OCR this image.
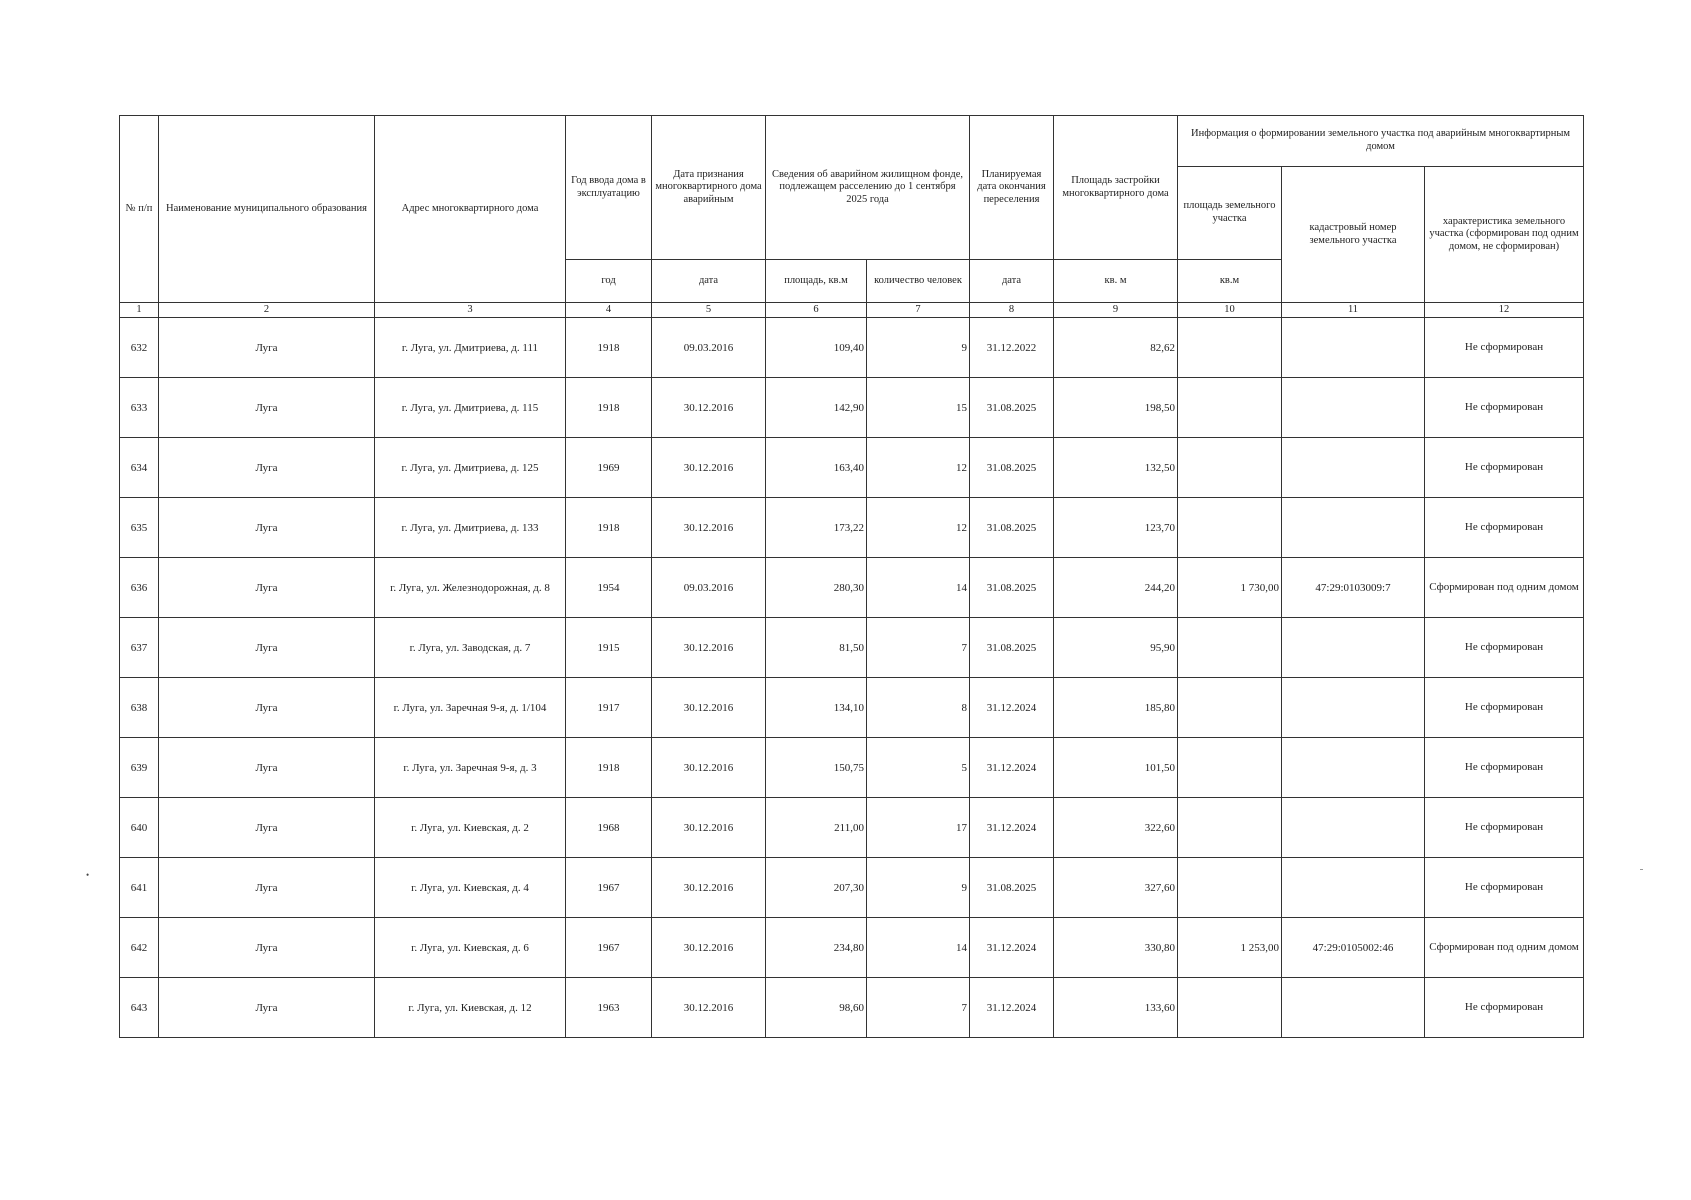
№ п/п	Наименование муниципального образования	Адрес многоквартирного дома	Год ввода дома в эксплуатацию	Дата признания многоквартирного дома аварийным	Сведения об аварийном жилищном фонде, подлежащем расселению до 1 сентября 2025 года		Планируемая дата окончания переселения	Площадь застройки многоквартирного дома	Информация о формировании земельного участка под аварийным многоквартирным домом		
									площадь земельного участка	кадастровый номер земельного участка	характеристика земельного участка (сформирован под одним домом, не сформирован)
			год	дата	площадь, кв.м	количество человек	дата	кв. м	кв.м		
1	2	3	4	5	6	7	8	9	10	11	12
632	Луга	г. Луга, ул. Дмитриева, д. 111	1918	09.03.2016	109,40	9	31.12.2022	82,62			Не сформирован
633	Луга	г. Луга, ул. Дмитриева, д. 115	1918	30.12.2016	142,90	15	31.08.2025	198,50			Не сформирован
634	Луга	г. Луга, ул. Дмитриева, д. 125	1969	30.12.2016	163,40	12	31.08.2025	132,50			Не сформирован
635	Луга	г. Луга, ул. Дмитриева, д. 133	1918	30.12.2016	173,22	12	31.08.2025	123,70			Не сформирован
636	Луга	г. Луга, ул. Железнодорожная, д. 8	1954	09.03.2016	280,30	14	31.08.2025	244,20	1 730,00	47:29:0103009:7	Сформирован под одним домом
637	Луга	г. Луга, ул. Заводская, д. 7	1915	30.12.2016	81,50	7	31.08.2025	95,90			Не сформирован
638	Луга	г. Луга, ул. Заречная 9-я, д. 1/104	1917	30.12.2016	134,10	8	31.12.2024	185,80			Не сформирован
639	Луга	г. Луга, ул. Заречная 9-я, д. 3	1918	30.12.2016	150,75	5	31.12.2024	101,50			Не сформирован
640	Луга	г. Луга, ул. Киевская, д. 2	1968	30.12.2016	211,00	17	31.12.2024	322,60			Не сформирован
641	Луга	г. Луга, ул. Киевская, д. 4	1967	30.12.2016	207,30	9	31.08.2025	327,60			Не сформирован
642	Луга	г. Луга, ул. Киевская, д. 6	1967	30.12.2016	234,80	14	31.12.2024	330,80	1 253,00	47:29:0105002:46	Сформирован под одним домом
643	Луга	г. Луга, ул. Киевская, д. 12	1963	30.12.2016	98,60	7	31.12.2024	133,60			Не сформирован
•
